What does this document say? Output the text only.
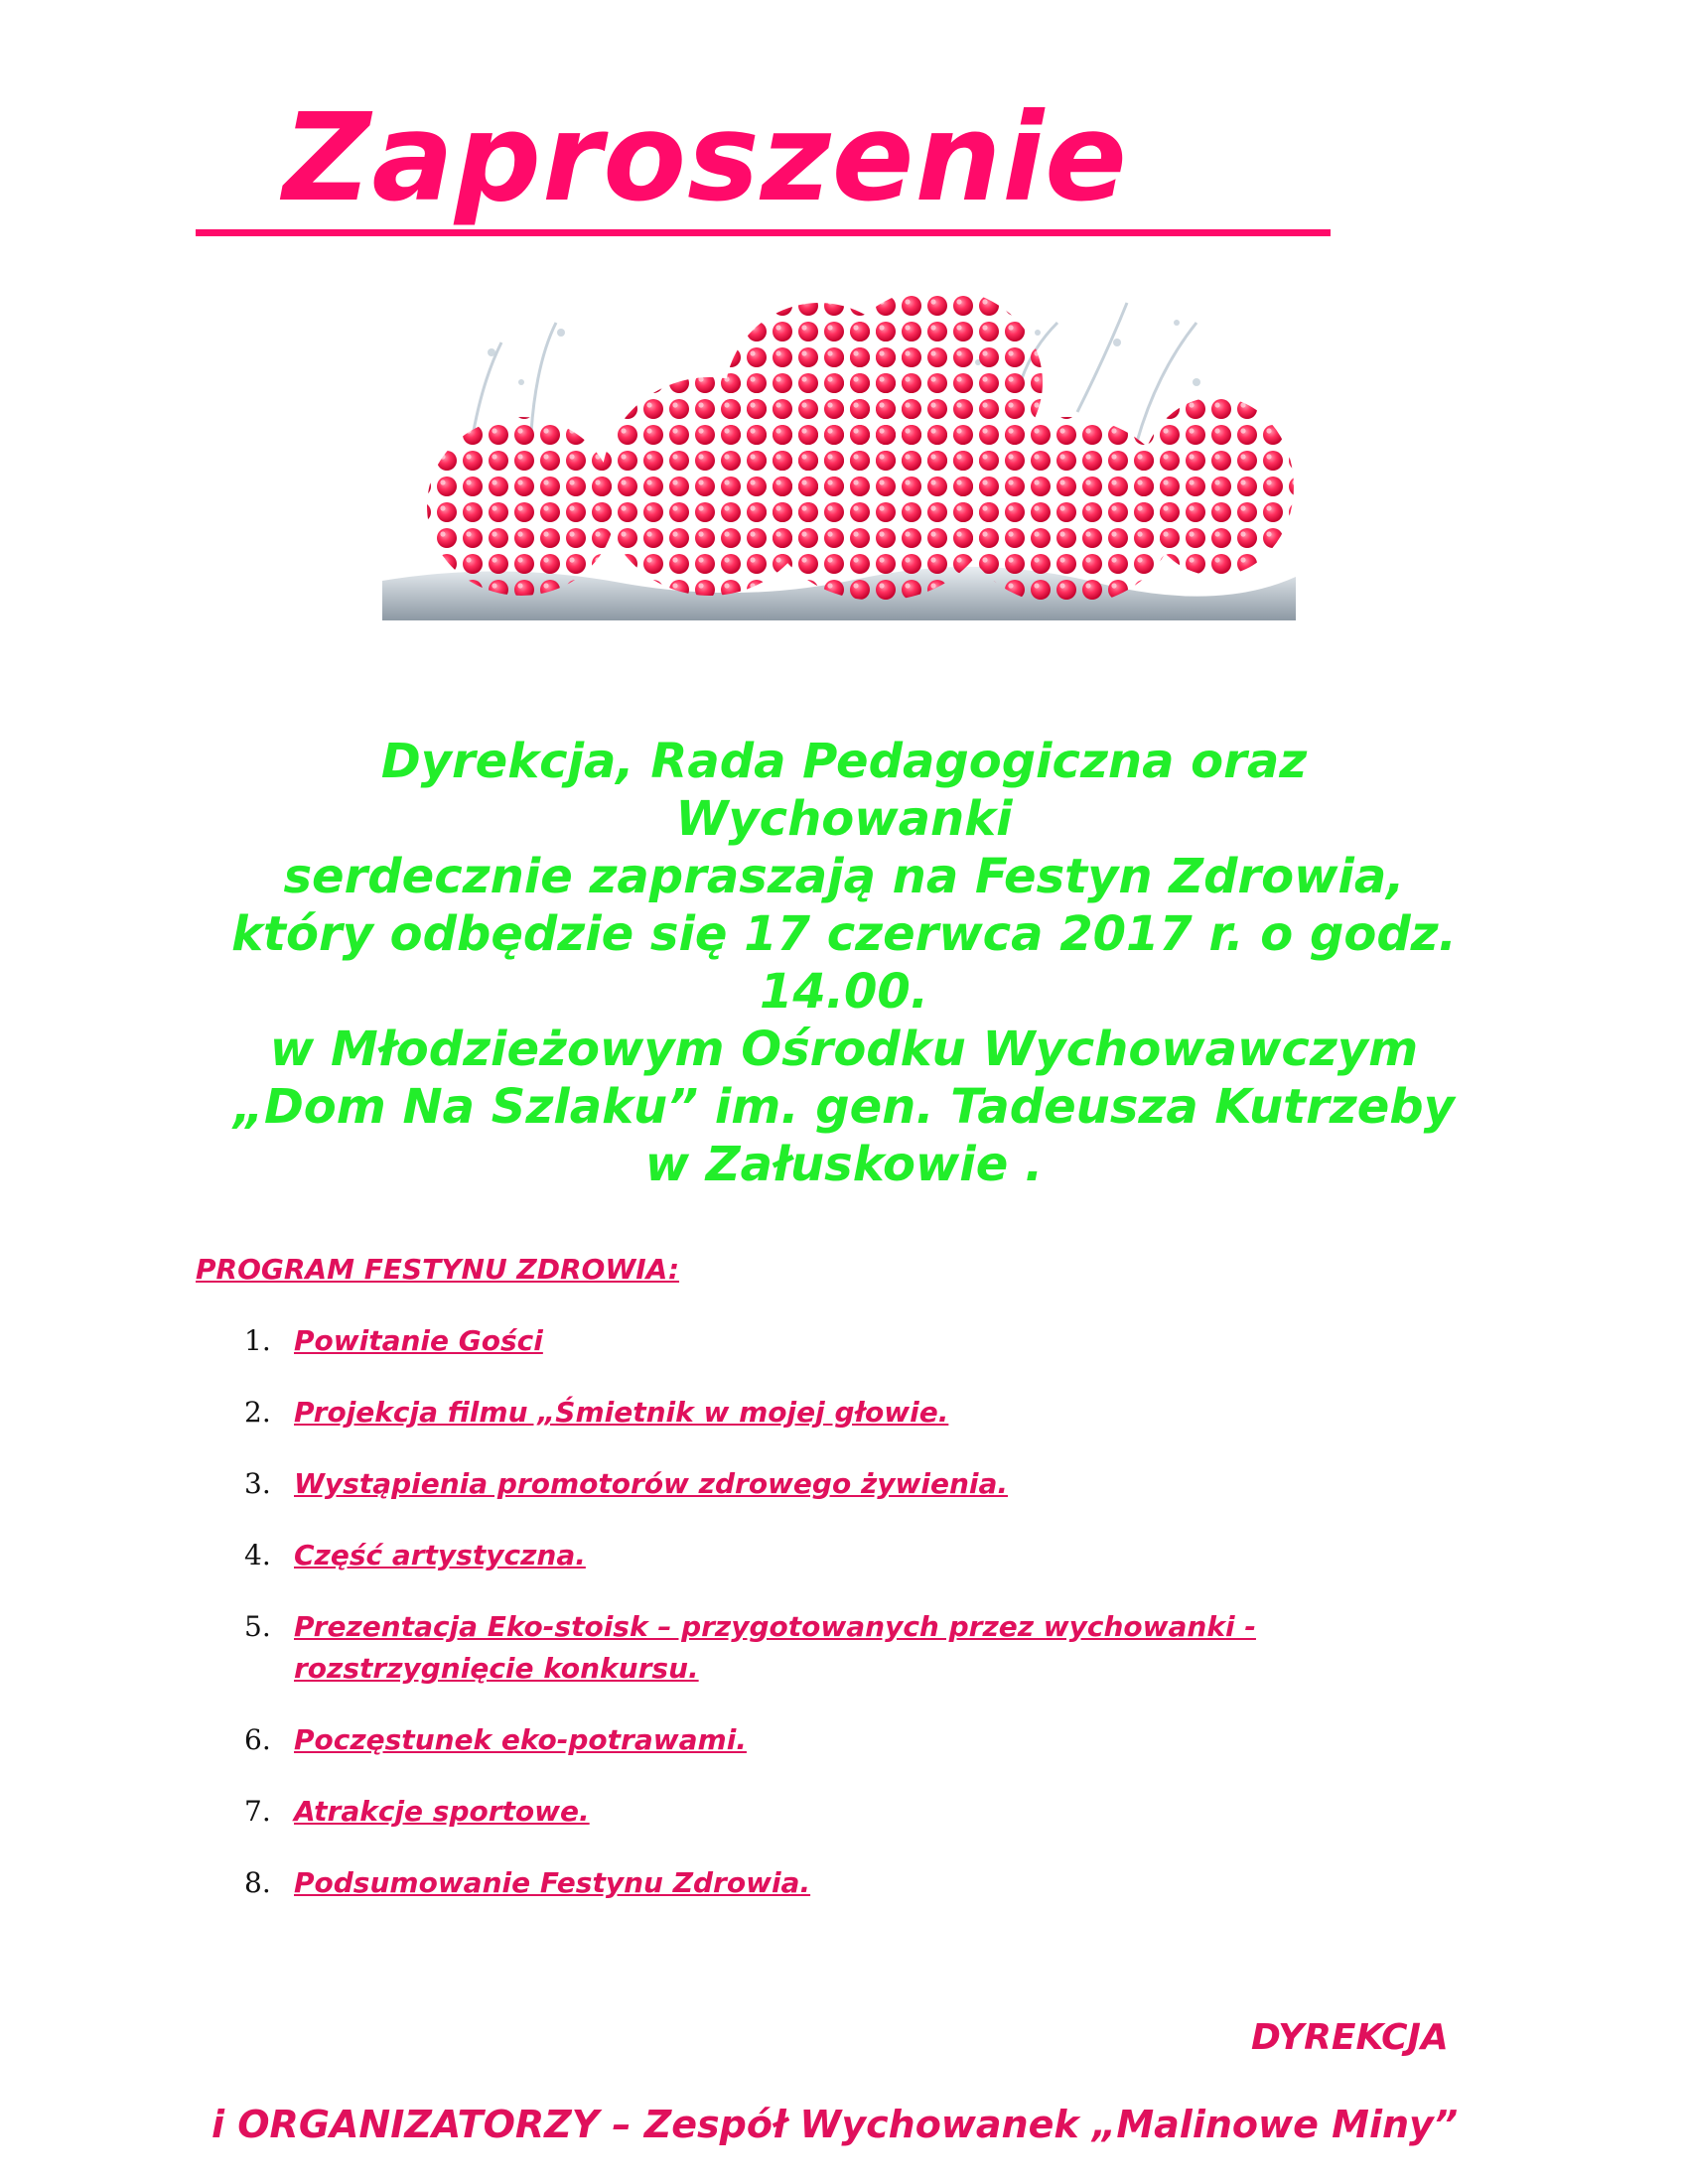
Zaproszenie
Dyrekcja, Rada Pedagogiczna oraz
Wychowanki
serdecznie zapraszają na Festyn Zdrowia,
który odbędzie się 17 czerwca 2017 r. o godz.
14.00.
w Młodzieżowym Ośrodku Wychowawczym
„Dom Na Szlaku” im. gen. Tadeusza Kutrzeby
w Załuskowie .
PROGRAM FESTYNU ZDROWIA:
1. Powitanie Gości
2. Projekcja filmu „Śmietnik w mojej głowie.
3. Wystąpienia promotorów zdrowego żywienia.
4. Część artystyczna.
5. Prezentacja Eko-stoisk – przygotowanych przez wychowanki - rozstrzygnięcie konkursu.
6. Poczęstunek eko-potrawami.
7. Atrakcje sportowe.
8. Podsumowanie Festynu Zdrowia.

DYREKCJA

i ORGANIZATORZY – Zespół Wychowanek „Malinowe Miny”
